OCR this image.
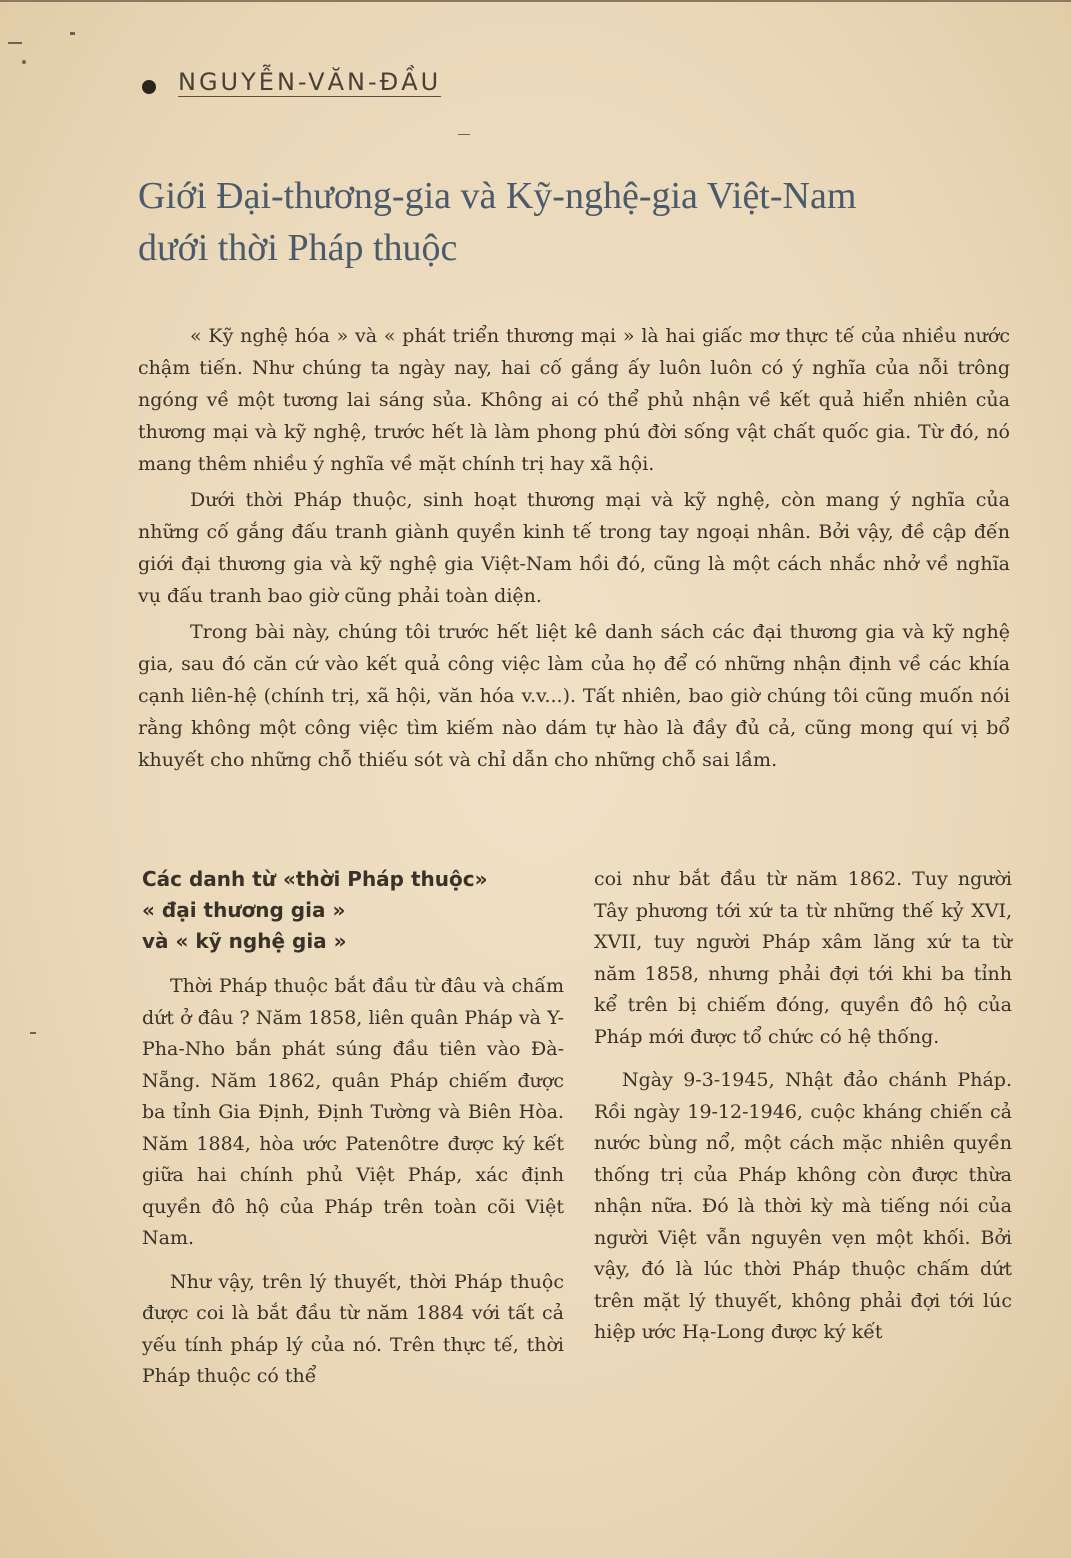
NGUYỄN-VĂN-ĐẦU
Giới Đại-thương-gia và Kỹ-nghệ-gia Việt-Nam
dưới thời Pháp thuộc

« Kỹ nghệ hóa » và « phát triển thương mại » là hai giấc mơ thực tế của nhiều nước chậm tiến. Như chúng ta ngày nay, hai cố gắng ấy luôn luôn có ý nghĩa của nỗi trông ngóng về một tương lai sáng sủa. Không ai có thể phủ nhận về kết quả hiển nhiên của thương mại và kỹ nghệ, trước hết là làm phong phú đời sống vật chất quốc gia. Từ đó, nó mang thêm nhiều ý nghĩa về mặt chính trị hay xã hội.

Dưới thời Pháp thuộc, sinh hoạt thương mại và kỹ nghệ, còn mang ý nghĩa của những cố gắng đấu tranh giành quyền kinh tế trong tay ngoại nhân. Bởi vậy, đề cập đến giới đại thương gia và kỹ nghệ gia Việt-Nam hồi đó, cũng là một cách nhắc nhở về nghĩa vụ đấu tranh bao giờ cũng phải toàn diện.

Trong bài này, chúng tôi trước hết liệt kê danh sách các đại thương gia và kỹ nghệ gia, sau đó căn cứ vào kết quả công việc làm của họ để có những nhận định về các khía cạnh liên-hệ (chính trị, xã hội, văn hóa v.v...). Tất nhiên, bao giờ chúng tôi cũng muốn nói rằng không một công việc tìm kiếm nào dám tự hào là đầy đủ cả, cũng mong quí vị bổ khuyết cho những chỗ thiếu sót và chỉ dẫn cho những chỗ sai lầm.

Các danh từ «thời Pháp thuộc»
« đại thương gia »
và « kỹ nghệ gia »

Thời Pháp thuộc bắt đầu từ đâu và chấm dứt ở đâu ? Năm 1858, liên quân Pháp và Y-Pha-Nho bắn phát súng đầu tiên vào Đà-Nẵng. Năm 1862, quân Pháp chiếm được ba tỉnh Gia Định, Định Tường và Biên Hòa. Năm 1884, hòa ước Patenôtre được ký kết giữa hai chính phủ Việt Pháp, xác định quyền đô hộ của Pháp trên toàn cõi Việt Nam.

Như vậy, trên lý thuyết, thời Pháp thuộc được coi là bắt đầu từ năm 1884 với tất cả yếu tính pháp lý của nó. Trên thực tế, thời Pháp thuộc có thể

coi như bắt đầu từ năm 1862. Tuy người Tây phương tới xứ ta từ những thế kỷ XVI, XVII, tuy người Pháp xâm lăng xứ ta từ năm 1858, nhưng phải đợi tới khi ba tỉnh kể trên bị chiếm đóng, quyền đô hộ của Pháp mới được tổ chức có hệ thống.

Ngày 9-3-1945, Nhật đảo chánh Pháp. Rồi ngày 19-12-1946, cuộc kháng chiến cả nước bùng nổ, một cách mặc nhiên quyền thống trị của Pháp không còn được thừa nhận nữa. Đó là thời kỳ mà tiếng nói của người Việt vẫn nguyên vẹn một khối. Bởi vậy, đó là lúc thời Pháp thuộc chấm dứt trên mặt lý thuyết, không phải đợi tới lúc hiệp ước Hạ-Long được ký kết
